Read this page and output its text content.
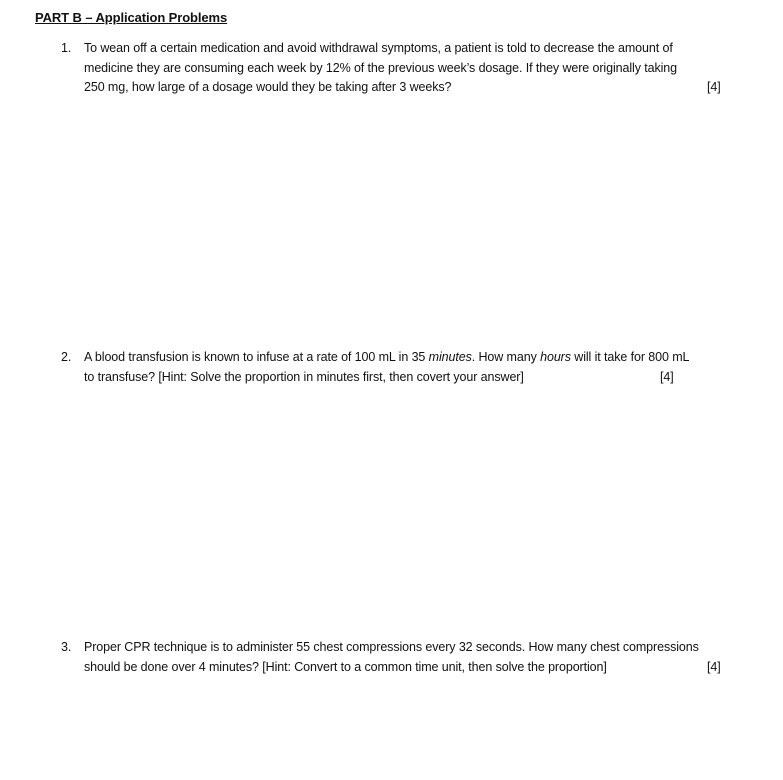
PART B – Application Problems
1. To wean off a certain medication and avoid withdrawal symptoms, a patient is told to decrease the amount of
medicine they are consuming each week by 12% of the previous week’s dosage. If they were originally taking
250 mg, how large of a dosage would they be taking after 3 weeks?	[4]
2. A blood transfusion is known to infuse at a rate of 100 mL in 35 minutes. How many hours will it take for 800 mL
to transfuse? [Hint: Solve the proportion in minutes first, then covert your answer]	[4]
3. Proper CPR technique is to administer 55 chest compressions every 32 seconds. How many chest compressions
should be done over 4 minutes? [Hint: Convert to a common time unit, then solve the proportion]	[4]
